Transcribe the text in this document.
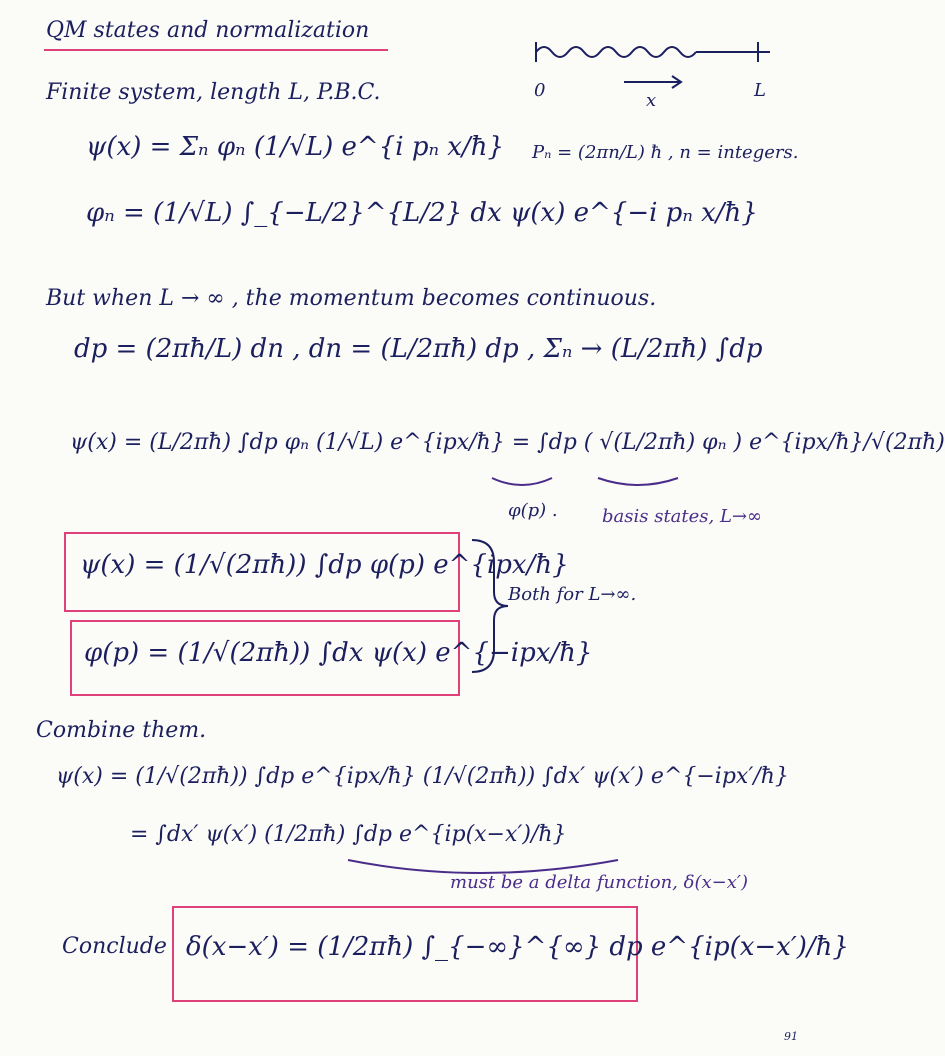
QM states and normalization
0	x	L
Finite system, length L, P.B.C.
ψ(x) = Σₙ φₙ (1/√L) e^{i pₙ x/ħ} Pₙ = (2πn/L) ħ , n = integers.
φₙ = (1/√L) ∫_{−L/2}^{L/2} dx ψ(x) e^{−i pₙ x/ħ}
But when L → ∞ , the momentum becomes continuous.
dp = (2πħ/L) dn , dn = (L/2πħ) dp , Σₙ → (L/2πħ) ∫dp
ψ(x) = (L/2πħ) ∫dp φₙ (1/√L) e^{ipx/ħ} = ∫dp ( √(L/2πħ) φₙ ) e^{ipx/ħ}/√(2πħ)
φ(p) . basis states, L→∞
ψ(x) = (1/√(2πħ)) ∫dp φ(p) e^{ipx/ħ}
φ(p) = (1/√(2πħ)) ∫dx ψ(x) e^{−ipx/ħ}
Both for L→∞.
Combine them.
ψ(x) = (1/√(2πħ)) ∫dp e^{ipx/ħ} (1/√(2πħ)) ∫dx′ ψ(x′) e^{−ipx′/ħ}
= ∫dx′ ψ(x′) (1/2πħ) ∫dp e^{ip(x−x′)/ħ}
must be a delta function, δ(x−x′)
Conclude δ(x−x′) = (1/2πħ) ∫_{−∞}^{∞} dp e^{ip(x−x′)/ħ}
91
